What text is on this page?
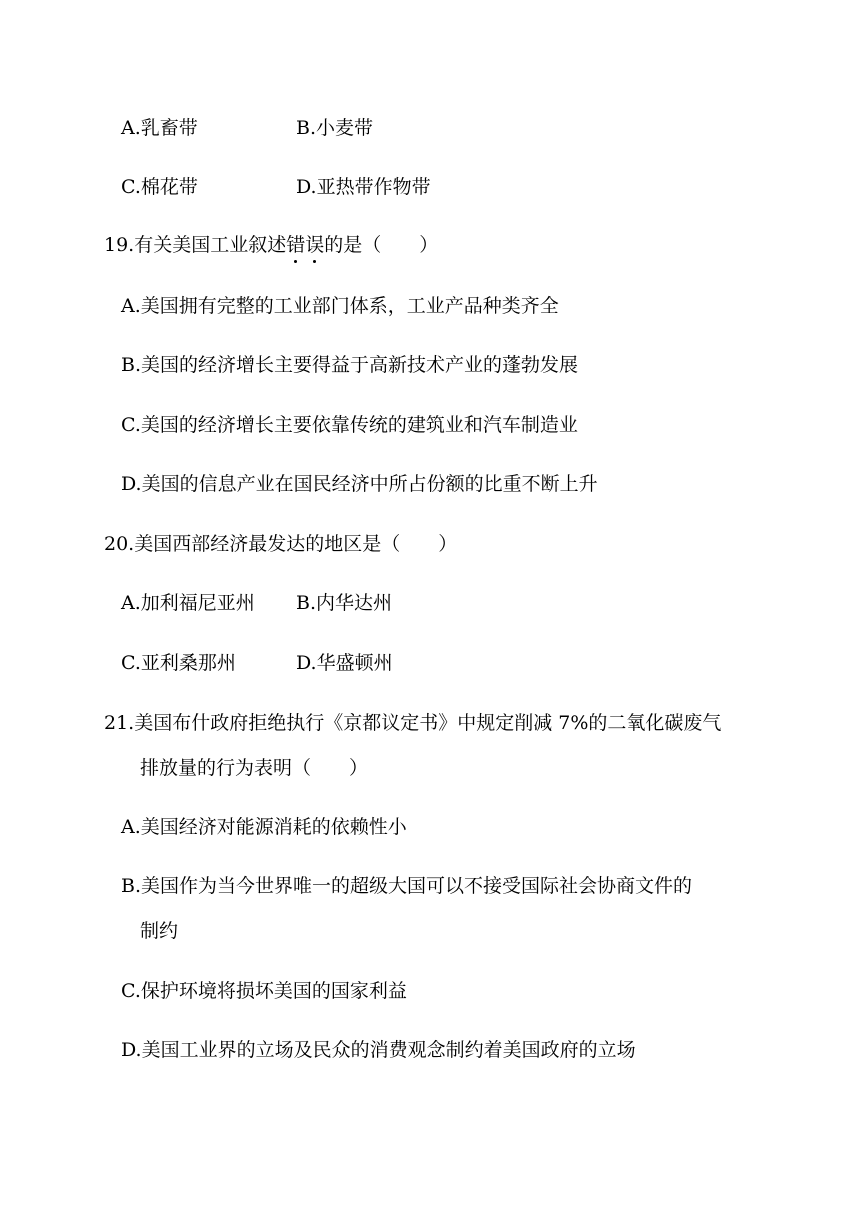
A.乳畜带	B.小麦带
C.棉花带	D.亚热带作物带
19.有关美国工业叙述错误的是（　　）
A.美国拥有完整的工业部门体系，工业产品种类齐全
B.美国的经济增长主要得益于高新技术产业的蓬勃发展
C.美国的经济增长主要依靠传统的建筑业和汽车制造业
D.美国的信息产业在国民经济中所占份额的比重不断上升
20.美国西部经济最发达的地区是（　　）
A.加利福尼亚州 B.内华达州
C.亚利桑那州	D.华盛顿州
21.美国布什政府拒绝执行《京都议定书》中规定削减 7%的二氧化碳废气
排放量的行为表明（　　）
A.美国经济对能源消耗的依赖性小
B.美国作为当今世界唯一的超级大国可以不接受国际社会协商文件的
制约
C.保护环境将损坏美国的国家利益
D.美国工业界的立场及民众的消费观念制约着美国政府的立场
